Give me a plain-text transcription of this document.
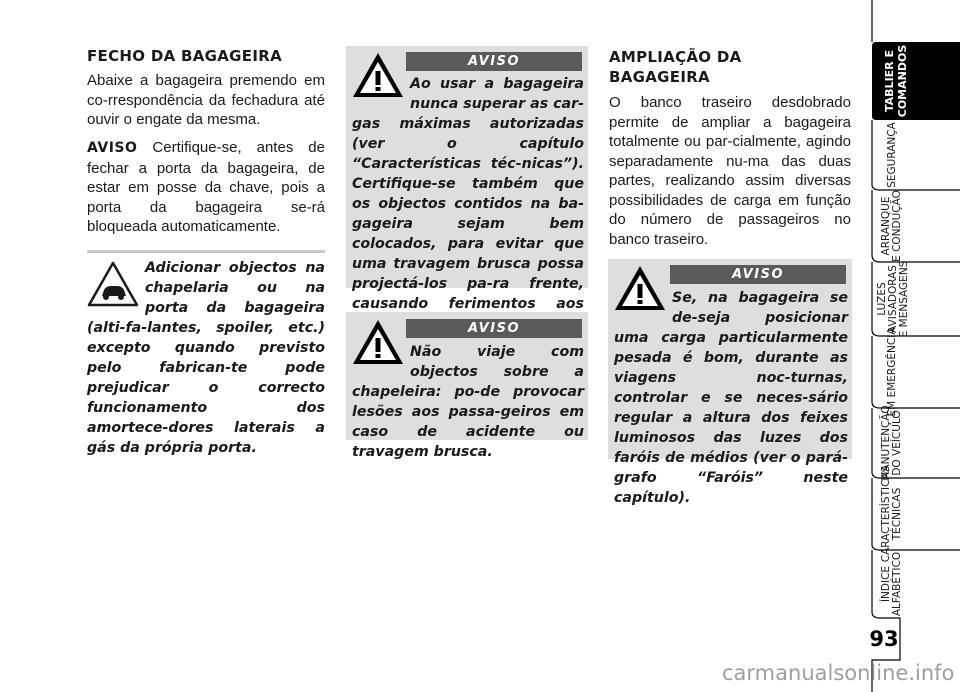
FECHO DA BAGAGEIRA
Abaixe a bagageira premendo em co-rrespondência da fechadura até ouvir o engate da mesma.
AVISO Certifique-se, antes de fechar a porta da bagageira, de estar em posse da chave, pois a porta da bagageira se-rá bloqueada automaticamente.
Adicionar objectos na chapelaria ou na porta da bagageira (alti-fa-lantes, spoiler, etc.) excepto quando previsto pelo fabrican-te pode prejudicar o correcto funcionamento dos amortece-dores laterais a gás da própria porta.
AVISO
Ao usar a bagageira nunca superar as car-gas máximas autorizadas (ver o capítulo “Características téc-nicas”). Certifique-se também que os objectos contidos na ba-gageira sejam bem colocados, para evitar que uma travagem brusca possa projectá-los pa-ra frente, causando ferimentos aos
AVISO
Não viaje com objectos sobre a chapeleira: po-de provocar lesões aos passa-geiros em caso de acidente ou travagem brusca.
AMPLIAÇÃO DA
BAGAGEIRA
O banco traseiro desdobrado permite de ampliar a bagageira totalmente ou par-cialmente, agindo separadamente nu-ma das duas partes, realizando assim diversas possibilidades de carga em função do número de passageiros no banco traseiro.
AVISO
Se, na bagageira se de-seja posicionar uma carga particularmente pesada é bom, durante as viagens noc-turnas, controlar e se neces-sário regular a altura dos feixes luminosos das luzes dos faróis de médios (ver o pará-grafo “Faróis” neste capítulo).
TABLIER E COMANDOS
SEGURANÇA
ARRANQUE E CONDUÇÃO
LUZES AVISADORAS E MENSAGENS
EM EMERGÊNCIA
MANUTENÇÃO DO VEÍCULO
CARACTERÍSTICAS TÉCNICAS
ÍNDICE ALFABÉTICO
93
carmanualsonline.info
